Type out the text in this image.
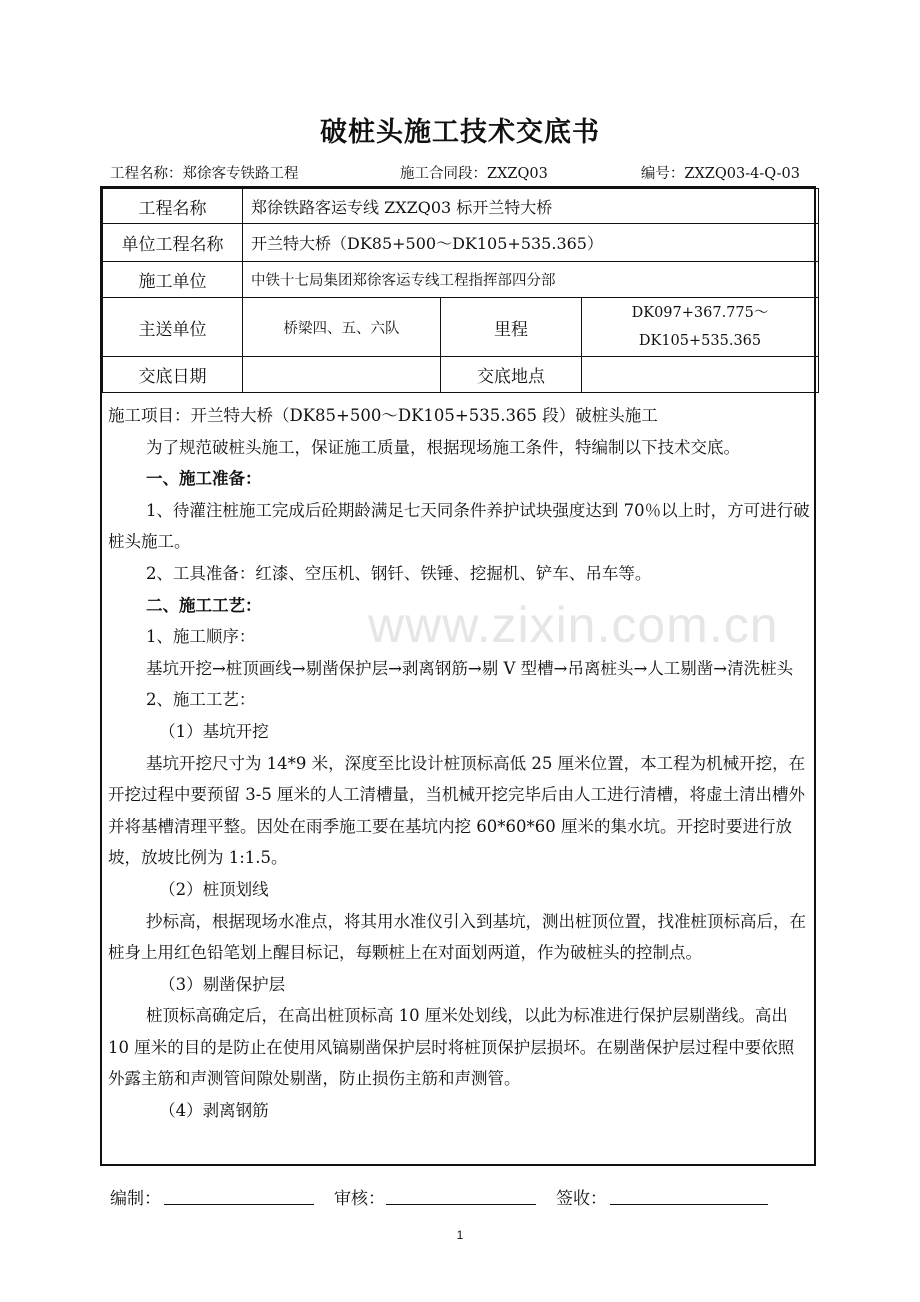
www.zixin.com.cn
破桩头施工技术交底书
工程名称：郑徐客专铁路工程	施工合同段：ZXZQ03	编号：ZXZQ03-4-Q-03
工程名称	郑徐铁路客运专线 ZXZQ03 标开兰特大桥		
单位工程名称	开兰特大桥（DK85+500～DK105+535.365）		
施工单位	中铁十七局集团郑徐客运专线工程指挥部四分部		
主送单位	桥梁四、五、六队	里程	DK097+367.775～
DK105+535.365

交底日期		交底地点	

施工项目：开兰特大桥（DK85+500～DK105+535.365 段）破桩头施工

为了规范破桩头施工，保证施工质量，根据现场施工条件，特编制以下技术交底。

一、施工准备：

1、待灌注桩施工完成后砼期龄满足七天同条件养护试块强度达到 70％以上时，方可进行破桩头施工。

2、工具准备：红漆、空压机、钢钎、铁锤、挖掘机、铲车、吊车等。

二、施工工艺：

1、施工顺序：

基坑开挖→桩顶画线→剔凿保护层→剥离钢筋→剔 V 型槽→吊离桩头→人工剔凿→清洗桩头

2、施工工艺：

（1）基坑开挖

基坑开挖尺寸为 14*9 米，深度至比设计桩顶标高低 25 厘米位置，本工程为机械开挖，在开挖过程中要预留 3-5 厘米的人工清槽量，当机械开挖完毕后由人工进行清槽，将虚土清出槽外并将基槽清理平整。因处在雨季施工要在基坑内挖 60*60*60 厘米的集水坑。开挖时要进行放坡，放坡比例为 1:1.5。

（2）桩顶划线

抄标高，根据现场水准点，将其用水准仪引入到基坑，测出桩顶位置，找准桩顶标高后，在桩身上用红色铅笔划上醒目标记，每颗桩上在对面划两道，作为破桩头的控制点。

（3）剔凿保护层

桩顶标高确定后，在高出桩顶标高 10 厘米处划线，以此为标准进行保护层剔凿线。高出 10 厘米的目的是防止在使用风镐剔凿保护层时将桩顶保护层损坏。在剔凿保护层过程中要依照外露主筋和声测管间隙处剔凿，防止损伤主筋和声测管。

（4）剥离钢筋

编制：	审核：	签收：
1
